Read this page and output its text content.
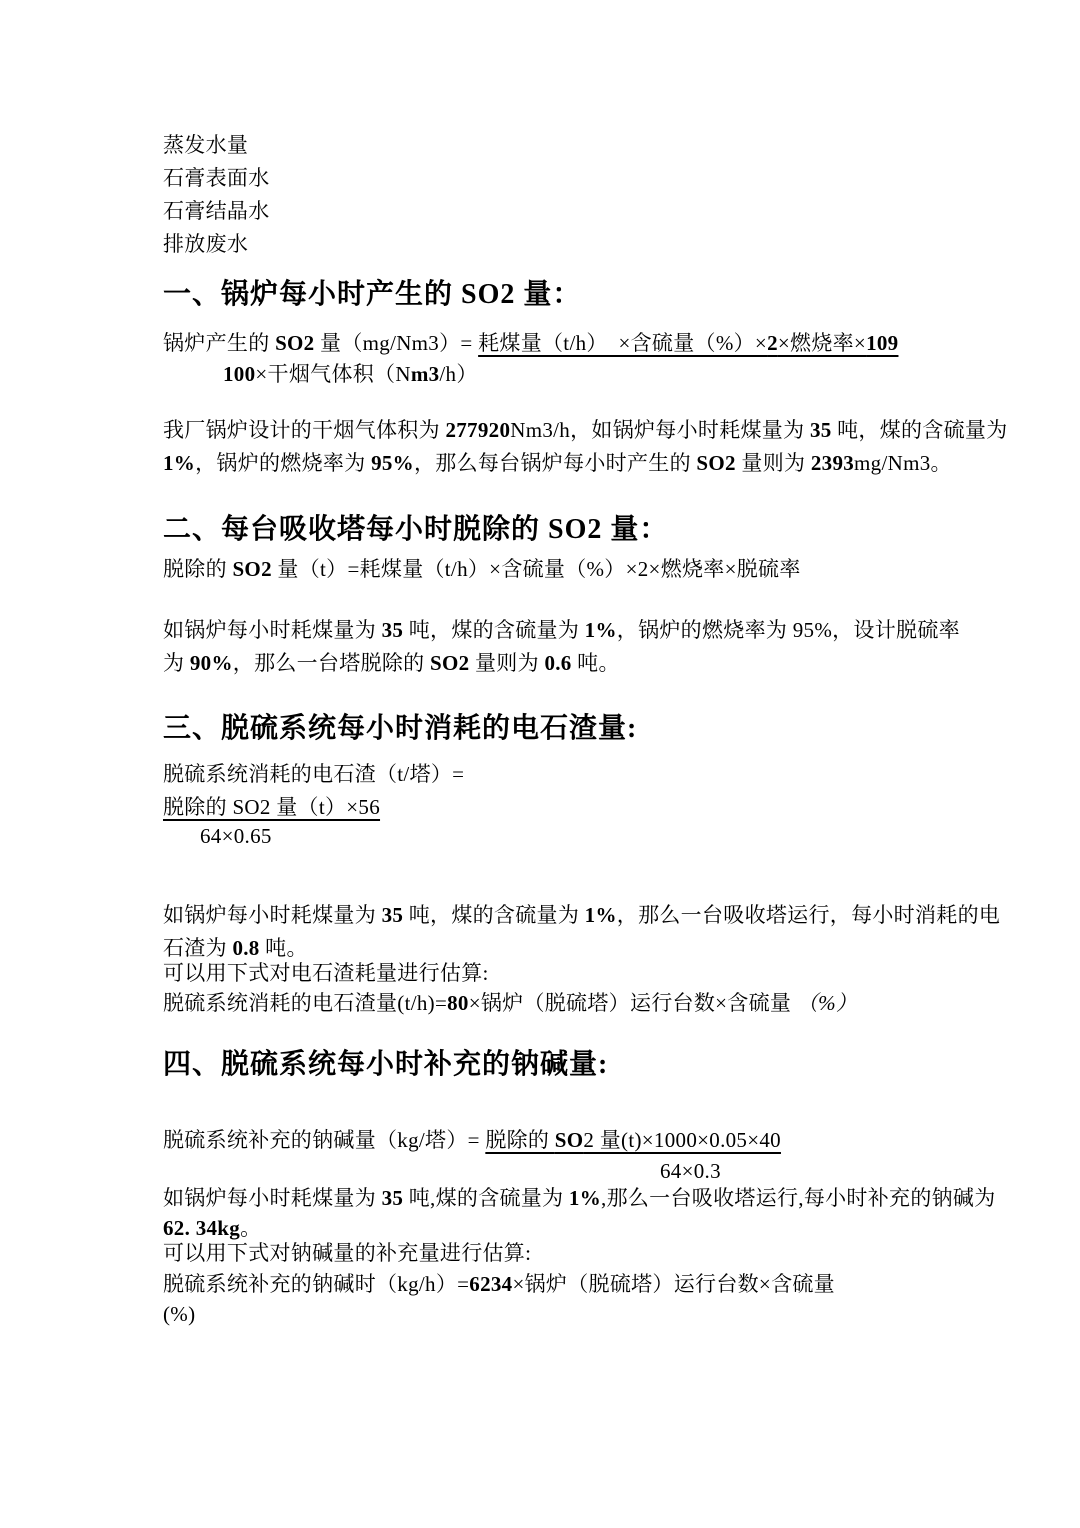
蒸发水量
石膏表面水
石膏结晶水
排放废水
一、锅炉每小时产生的 SO2 量：
锅炉产生的 SO2 量（mg/Nm3）= 耗煤量（t/h）　×含硫量（%）×2×燃烧率×109
100×干烟气体积（Nm3/h）
我厂锅炉设计的干烟气体积为 277920Nm3/h，如锅炉每小时耗煤量为 35 吨，煤的含硫量为
1%，锅炉的燃烧率为 95%，那么每台锅炉每小时产生的 SO2 量则为 2393mg/Nm3。
二、每台吸收塔每小时脱除的 SO2 量：
脱除的 SO2 量（t）=耗煤量（t/h）×含硫量（%）×2×燃烧率×脱硫率
如锅炉每小时耗煤量为 35 吨，煤的含硫量为 1%，锅炉的燃烧率为 95%，设计脱硫率
为 90%，那么一台塔脱除的 SO2 量则为 0.6 吨。
三、脱硫系统每小时消耗的电石渣量:
脱硫系统消耗的电石渣（t/塔）=
脱除的 SO2 量（t）×56
64×0.65
如锅炉每小时耗煤量为 35 吨，煤的含硫量为 1%，那么一台吸收塔运行，每小时消耗的电
石渣为 0.8 吨。
可以用下式对电石渣耗量进行估算:
脱硫系统消耗的电石渣量(t/h)=80×锅炉（脱硫塔）运行台数×含硫量 （%）
四、脱硫系统每小时补充的钠碱量:
脱硫系统补充的钠碱量（kg/塔）= 脱除的 SO2 量(t)×1000×0.05×40
64×0.3
如锅炉每小时耗煤量为 35 吨,煤的含硫量为 1%,那么一台吸收塔运行,每小时补充的钠碱为
62. 34kg。
可以用下式对钠碱量的补充量进行估算:
脱硫系统补充的钠碱时（kg/h）=6234×锅炉（脱硫塔）运行台数×含硫量
(%)
